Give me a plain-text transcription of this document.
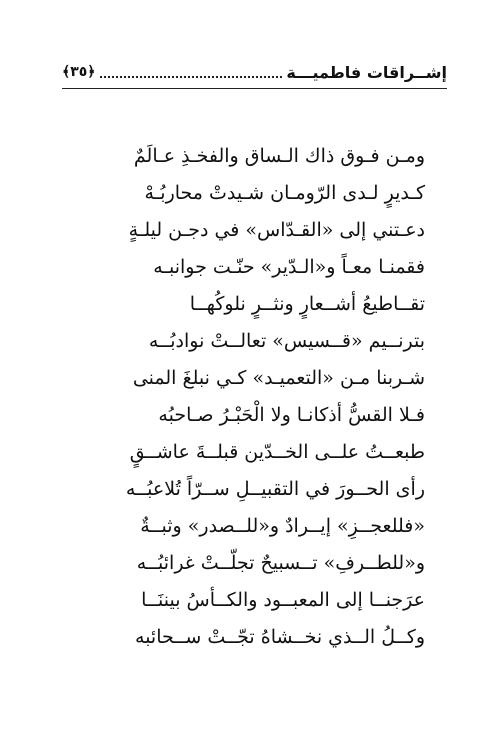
إشــراقات فاطميـــة
﴿٣٥﴾
ومـن فـوق ذاك الـساق والفخـذِ عـالَمٌ
كـديرٍ لـدى الرّومـان شـيدتْ محاربُـهْ
دعـتني إلى «القـدّاس» في دجـن ليلـةٍ
فقمنـا معـاً و«الـدّير» حنّـت جوانبـه
تقــاطيعُ أشــعارٍ ونثــرٍ نلوكُهــا
بترنــيم «قــسيس» تعالــتْ نوادبُــه
شـربنا مـن «التعميـد» كـي نبلغَ المنى
فـلا القسُّ أذكانـا ولا الْحَبْـرُ صـاحبُه
طبعــتُ علــى الخــدّين قبلــةَ عاشــقٍ
رأى الحــورَ في التقبيــلِ ســرّاً تُلاعبُــه
«فللعجــزِ» إيــرادٌ و«للــصدر» وثبــةٌ
و«للطــرفِ» تــسبيحٌ تجلّــتْ غرائبُــه
عرَجنــا إلى المعبــود والكــأسُ بيننَــا
وكــلُ الــذي نخــشاهُ تجّــتْ ســحائبه
